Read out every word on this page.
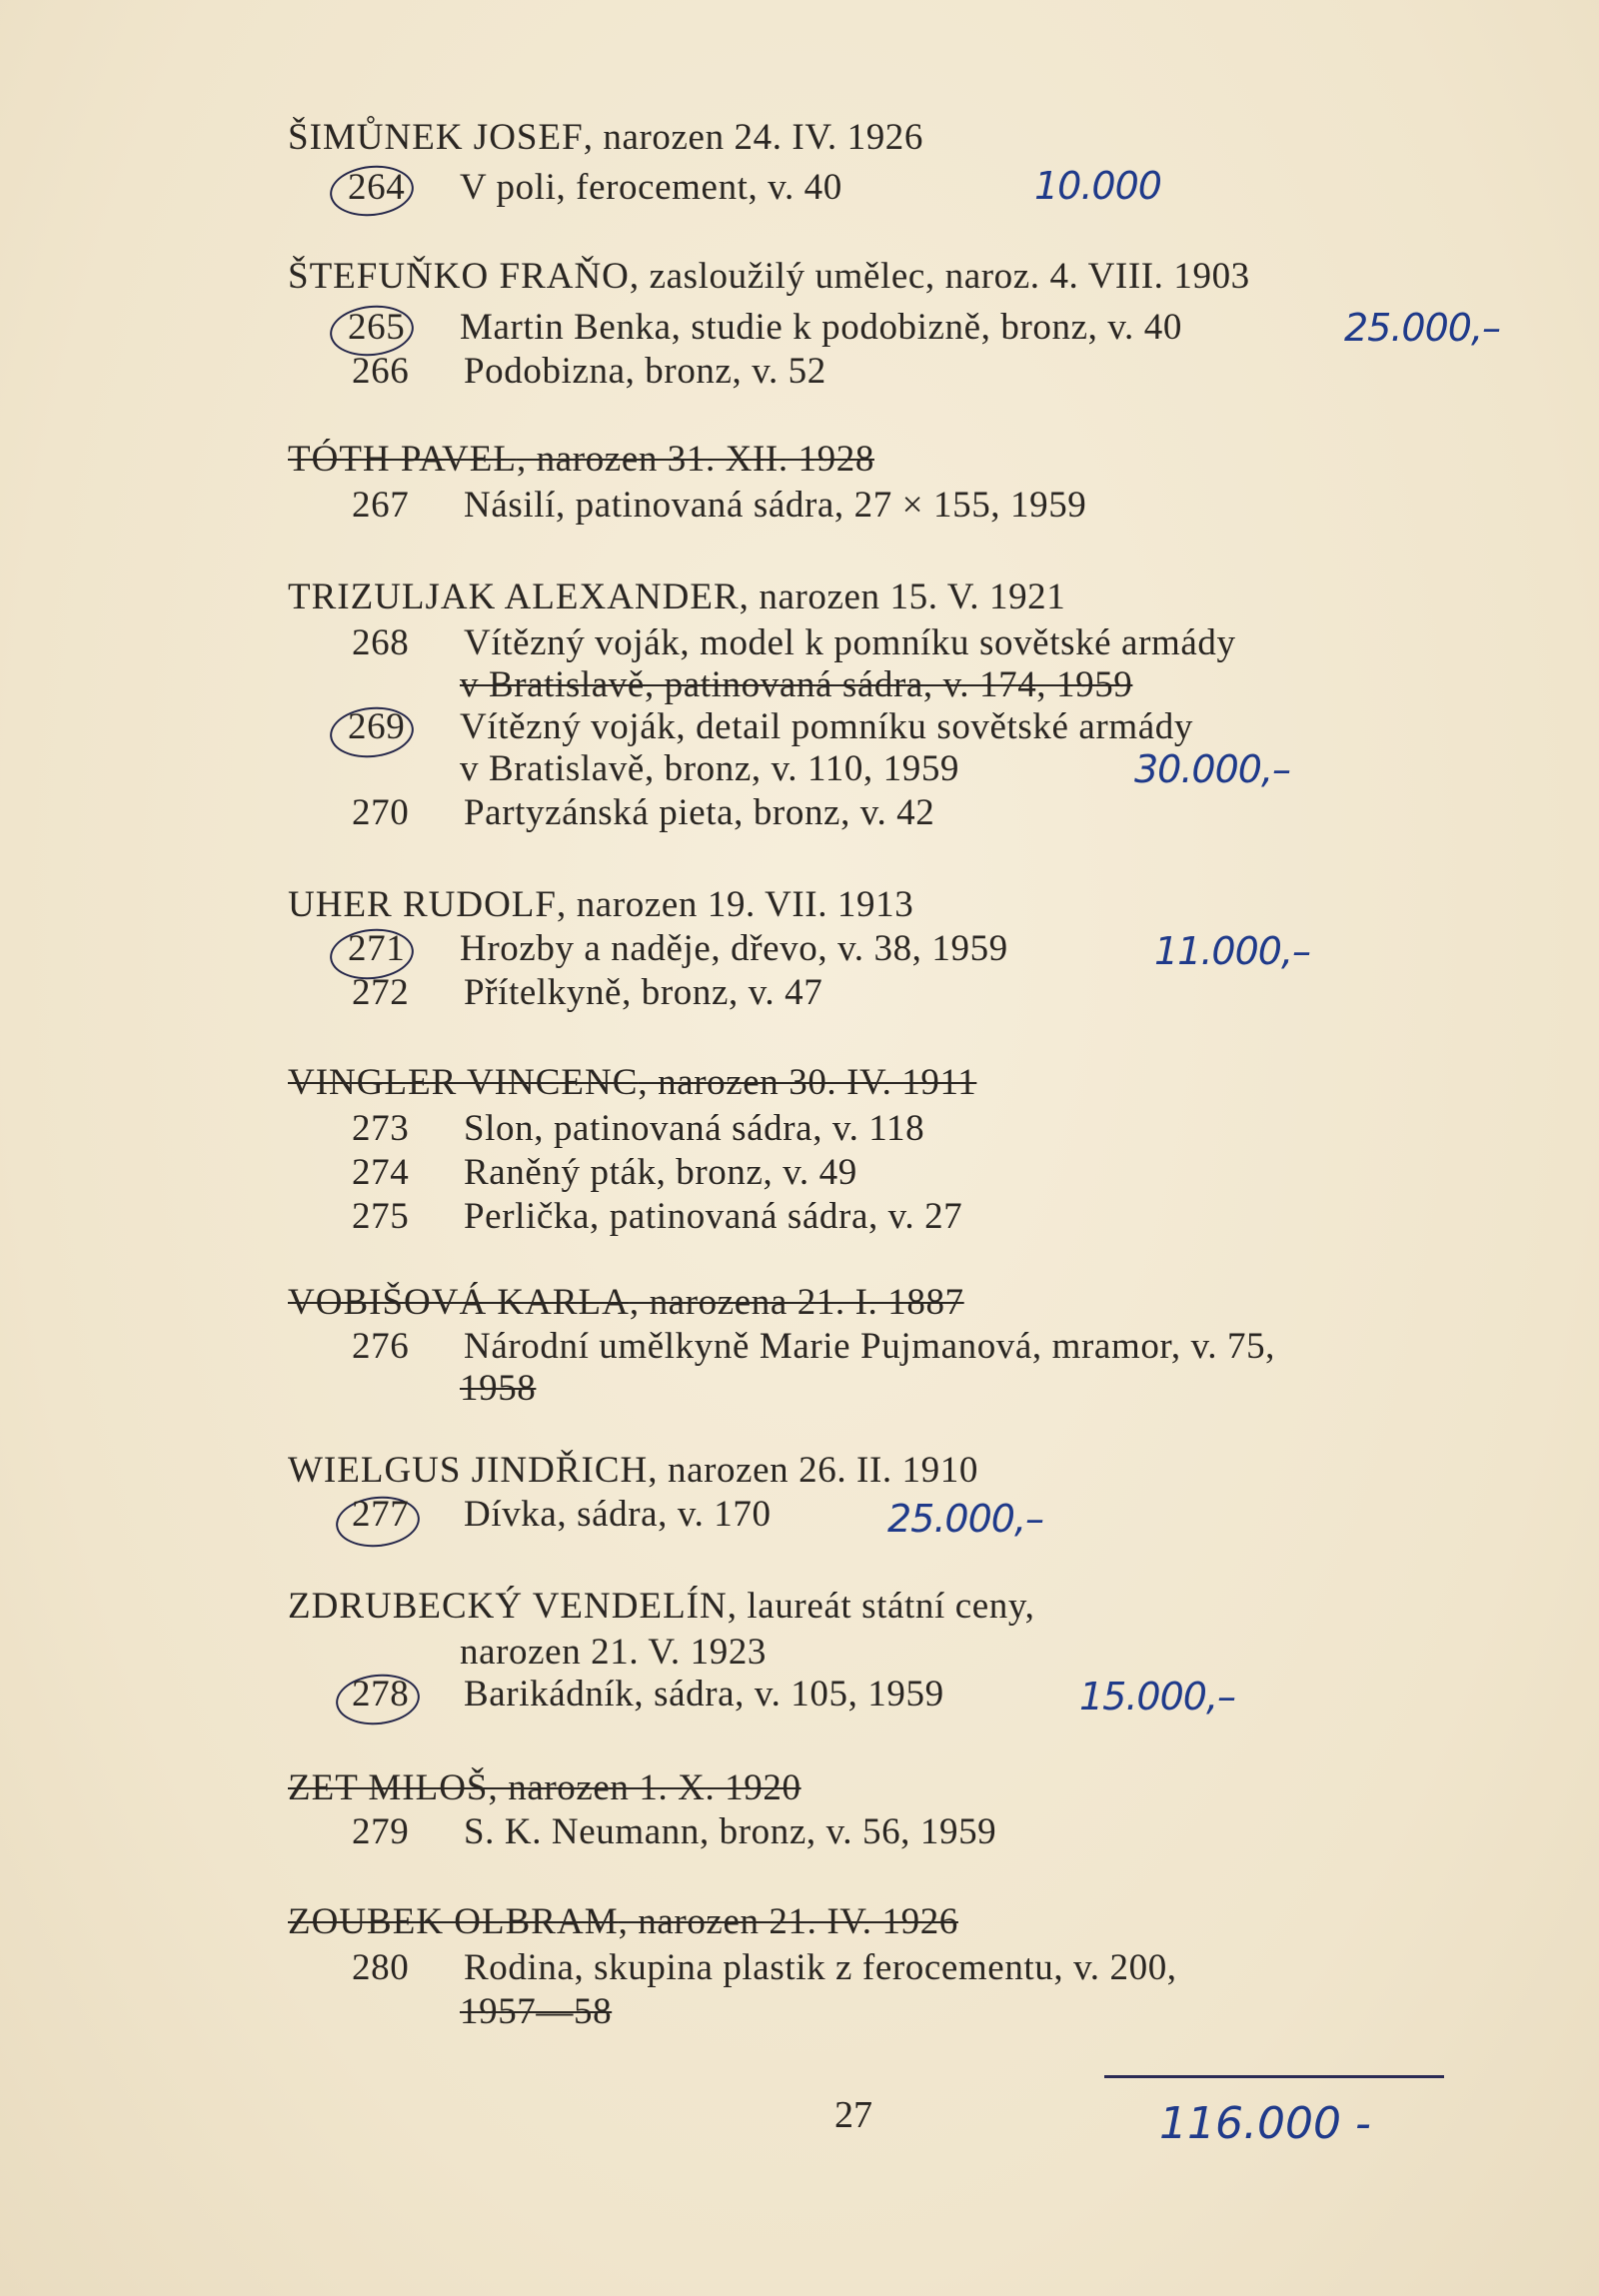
ŠIMŮNEK JOSEF, narozen 24. IV. 1926
264	V poli, ferocement, v. 40	10.000
ŠTEFUŇKO FRAŇO, zasloužilý umělec, naroz. 4. VIII. 1903
265	Martin Benka, studie k podobizně, bronz, v. 40	25.000,–
266	Podobizna, bronz, v. 52
TÓTH PAVEL, narozen 31. XII. 1928
267	Násilí, patinovaná sádra, 27 × 155, 1959
TRIZULJAK ALEXANDER, narozen 15. V. 1921
268	Vítězný voják, model k pomníku sovětské armády
v Bratislavě, patinovaná sádra, v. 174, 1959
269	Vítězný voják, detail pomníku sovětské armády
v Bratislavě, bronz, v. 110, 1959	30.000,–
270	Partyzánská pieta, bronz, v. 42
UHER RUDOLF, narozen 19. VII. 1913
271	Hrozby a naděje, dřevo, v. 38, 1959	11.000,–
272	Přítelkyně, bronz, v. 47
VINGLER VINCENC, narozen 30. IV. 1911
273	Slon, patinovaná sádra, v. 118
274	Raněný pták, bronz, v. 49
275	Perlička, patinovaná sádra, v. 27
VOBIŠOVÁ KARLA, narozena 21. I. 1887
276	Národní umělkyně Marie Pujmanová, mramor, v. 75,
1958
WIELGUS JINDŘICH, narozen 26. II. 1910
277	Dívka, sádra, v. 170	25.000,–
ZDRUBECKÝ VENDELÍN, laureát státní ceny,
narozen 21. V. 1923
278	Barikádník, sádra, v. 105, 1959	15.000,–
ZET MILOŠ, narozen 1. X. 1920
279	S. K. Neumann, bronz, v. 56, 1959
ZOUBEK OLBRAM, narozen 21. IV. 1926
280	Rodina, skupina plastik z ferocementu, v. 200,
1957—58
27	116.000 -
